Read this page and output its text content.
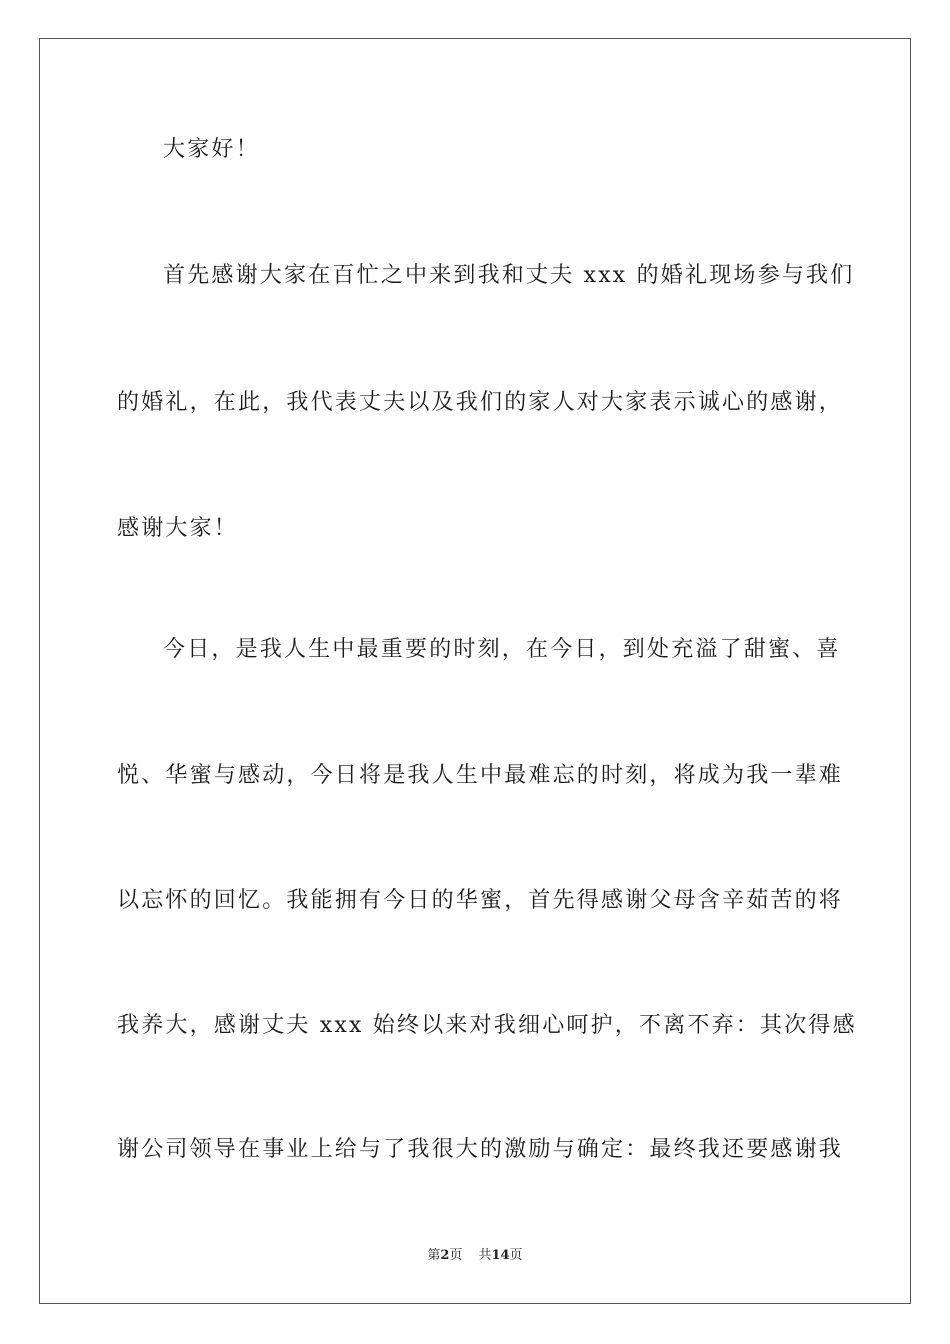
大家好！
首先感谢大家在百忙之中来到我和丈夫 xxx 的婚礼现场参与我们
的婚礼，在此，我代表丈夫以及我们的家人对大家表示诚心的感谢，
感谢大家！
今日，是我人生中最重要的时刻，在今日，到处充溢了甜蜜、喜
悦、华蜜与感动，今日将是我人生中最难忘的时刻，将成为我一辈难
以忘怀的回忆。我能拥有今日的华蜜，首先得感谢父母含辛茹苦的将
我养大，感谢丈夫 xxx 始终以来对我细心呵护，不离不弃：其次得感
谢公司领导在事业上给与了我很大的激励与确定：最终我还要感谢我
第2页 共14页
